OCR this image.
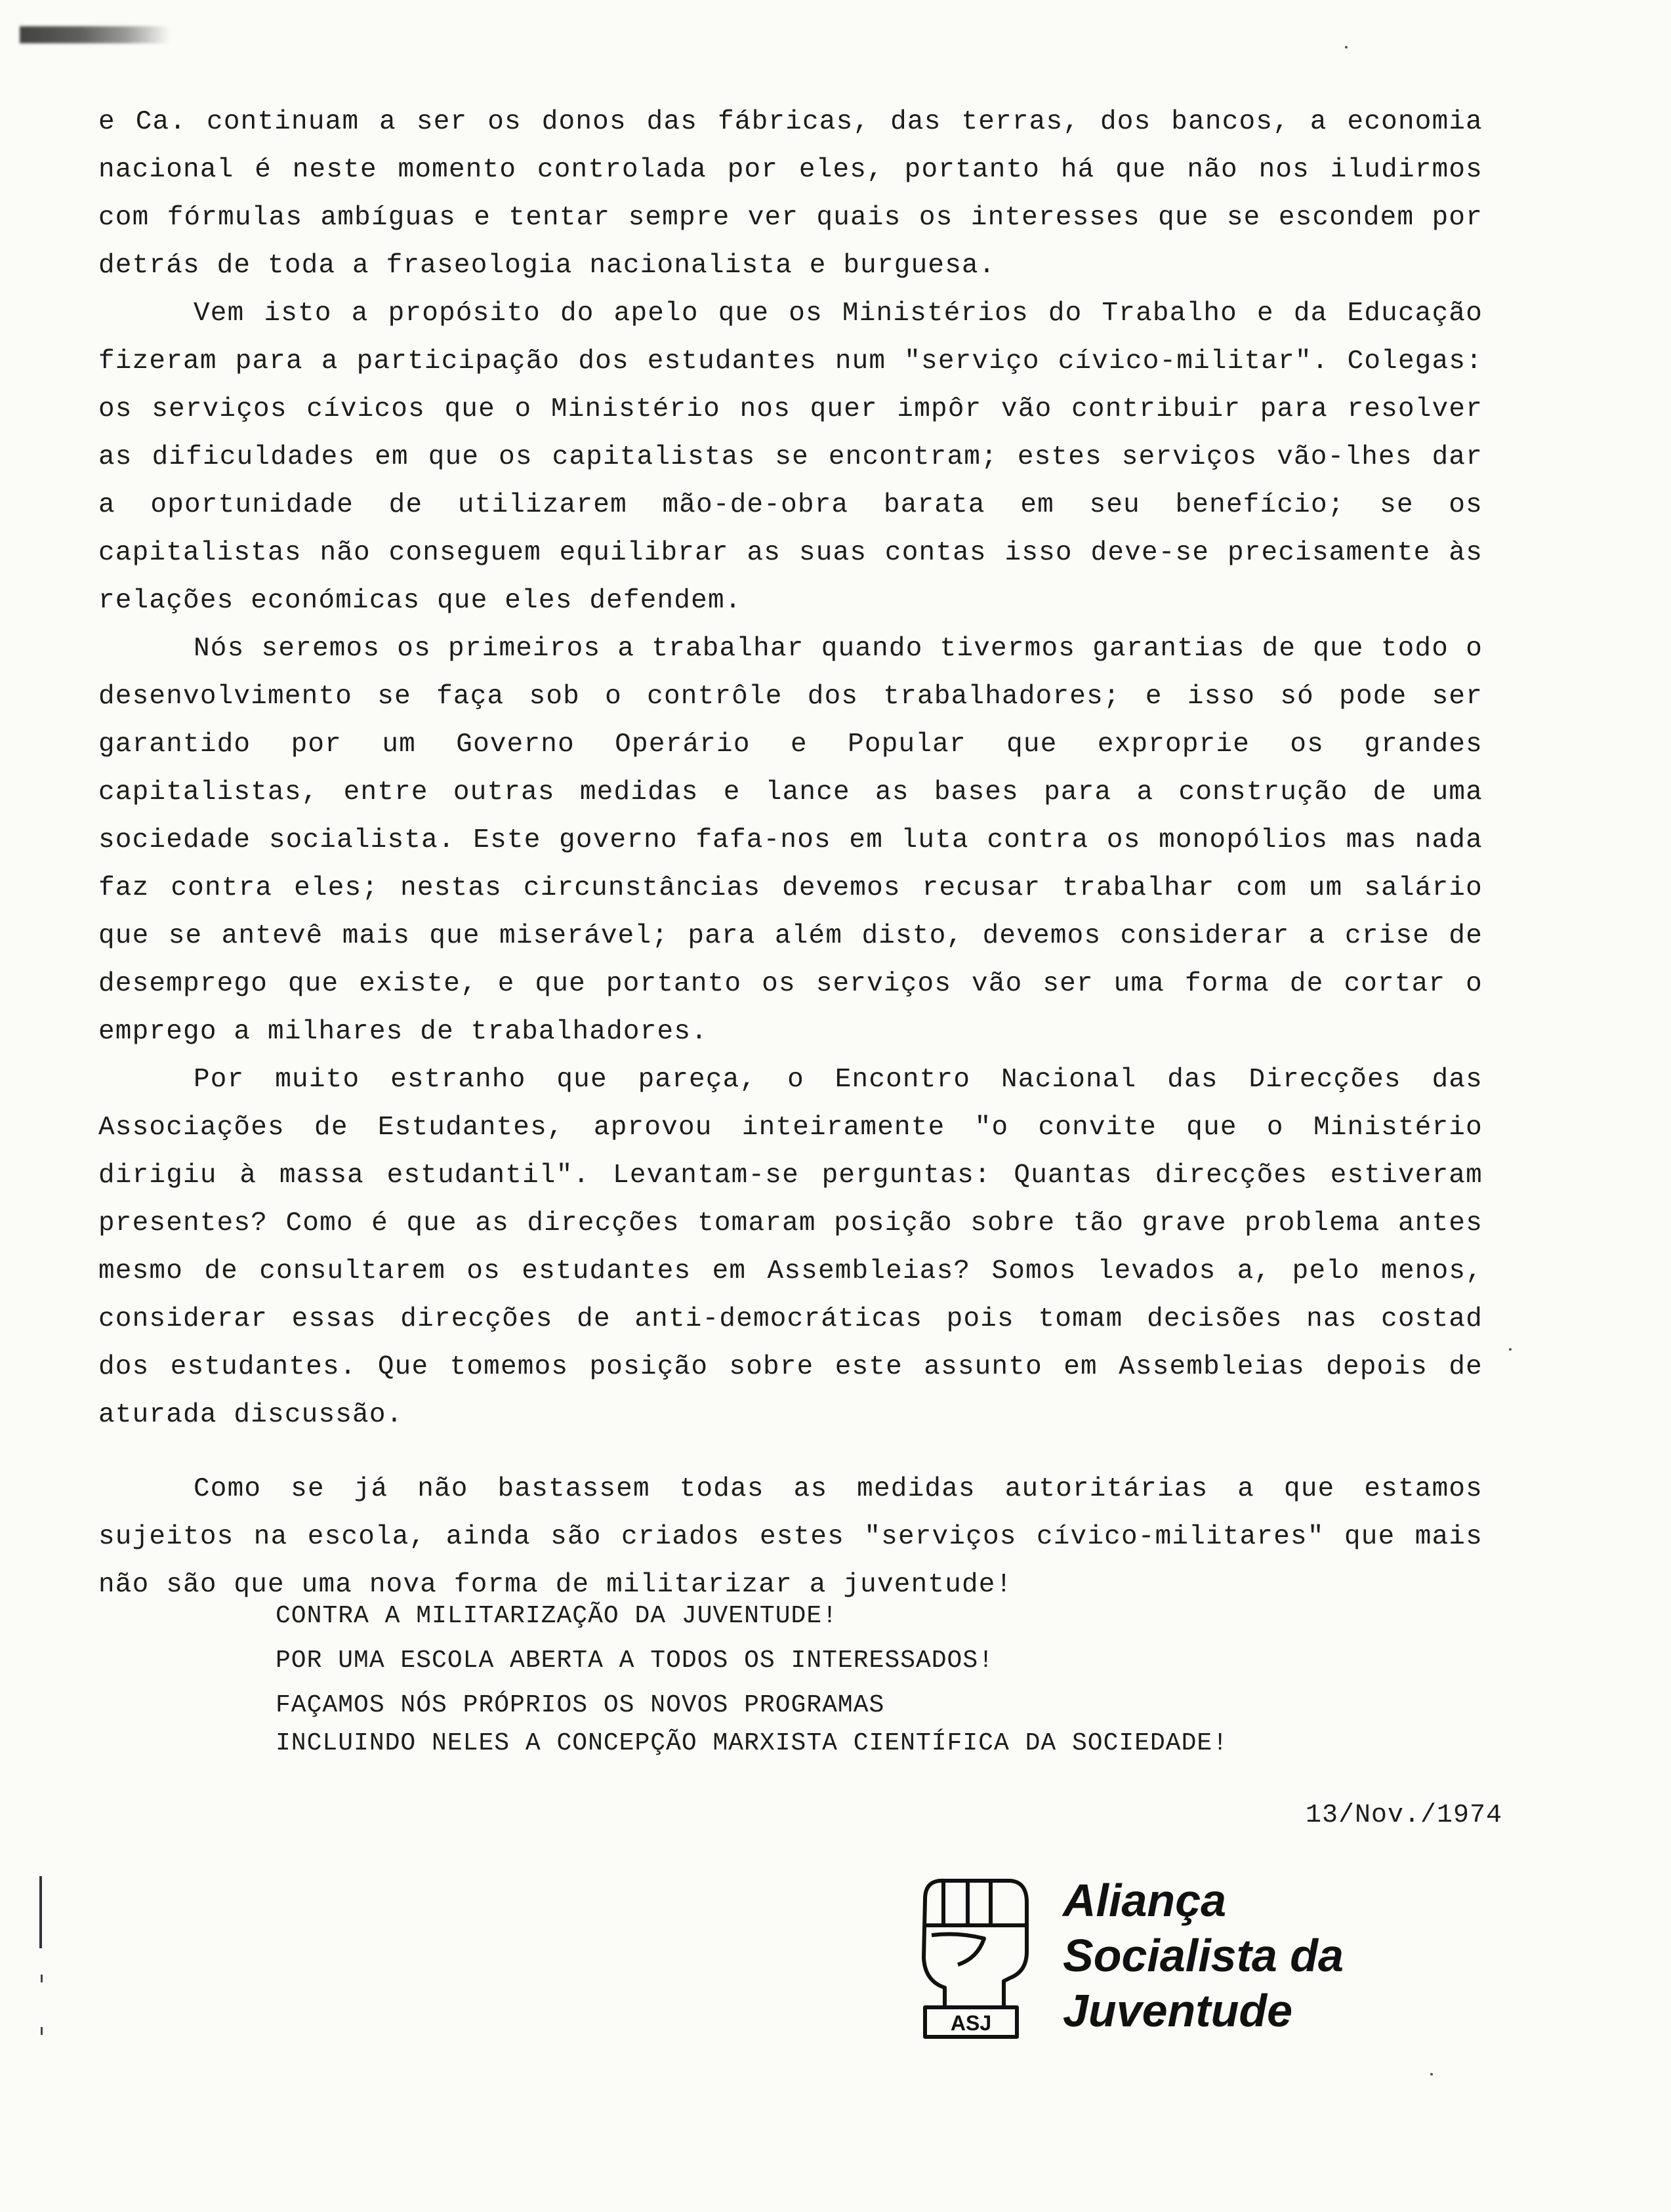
e Ca. continuam a ser os donos das fábricas, das terras, dos bancos, a economia nacional é neste momento controlada por eles, portanto há que não nos iludirmos com fórmulas ambíguas e tentar sempre ver quais os interesses que se escondem por detrás de toda a fraseologia nacionalista e burguesa.

Vem isto a propósito do apelo que os Ministérios do Trabalho e da Educação fizeram para a participação dos estudantes num "serviço cívico-militar". Colegas: os serviços cívicos que o Ministério nos quer impôr vão contribuir para resolver as dificuldades em que os capitalistas se encontram; estes serviços vão-lhes dar a oportunidade de utilizarem mão-de-obra barata em seu benefício; se os capitalistas não conseguem equilibrar as suas contas isso deve-se precisamente às relações económicas que eles defendem.

Nós seremos os primeiros a trabalhar quando tivermos garantias de que todo o desenvolvimento se faça sob o contrôle dos trabalhadores; e isso só pode ser garantido por um Governo Operário e Popular que exproprie os grandes capitalistas, entre outras medidas e lance as bases para a construção de uma sociedade socialista. Este governo fafa-nos em luta contra os monopólios mas nada faz contra eles; nestas circunstâncias devemos recusar trabalhar com um salário que se antevê mais que miserável; para além disto, devemos considerar a crise de desemprego que existe, e que portanto os serviços vão ser uma forma de cortar o emprego a milhares de trabalhadores.

Por muito estranho que pareça, o Encontro Nacional das Direcções das Associações de Estudantes, aprovou inteiramente "o convite que o Ministério dirigiu à massa estudantil". Levantam-se perguntas: Quantas direcções estiveram presentes? Como é que as direcções tomaram posição sobre tão grave problema antes mesmo de consultarem os estudantes em Assembleias? Somos levados a, pelo menos, considerar essas direcções de anti-democráticas pois tomam decisões nas costad dos estudantes. Que tomemos posição sobre este assunto em Assembleias depois de aturada discussão.

Como se já não bastassem todas as medidas autoritárias a que estamos sujeitos na escola, ainda são criados estes "serviços cívico-militares" que mais não são que uma nova forma de militarizar a juventude!

CONTRA A MILITARIZAÇÃO DA JUVENTUDE!

POR UMA ESCOLA ABERTA A TODOS OS INTERESSADOS!

FAÇAMOS NÓS PRÓPRIOS OS NOVOS PROGRAMAS

INCLUINDO NELES A CONCEPÇÃO MARXISTA CIENTÍFICA DA SOCIEDADE!

13/Nov./1974
ASJ
Aliança
Socialista da
Juventude
